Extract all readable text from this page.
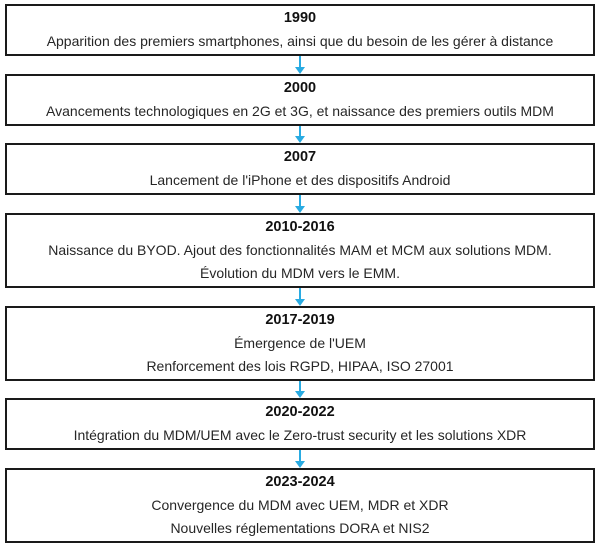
1990
Apparition des premiers smartphones, ainsi que du besoin de les gérer à distance
2000
Avancements technologiques en 2G et 3G, et naissance des premiers outils MDM
2007
Lancement de l'iPhone et des dispositifs Android
2010-2016
Naissance du BYOD. Ajout des fonctionnalités MAM et MCM aux solutions MDM.
Évolution du MDM vers le EMM.
2017-2019
Émergence de l'UEM
Renforcement des lois RGPD, HIPAA, ISO 27001
2020-2022
Intégration du MDM/UEM avec le Zero-trust security et les solutions XDR
2023-2024
Convergence du MDM avec UEM, MDR et XDR
Nouvelles réglementations DORA et NIS2
